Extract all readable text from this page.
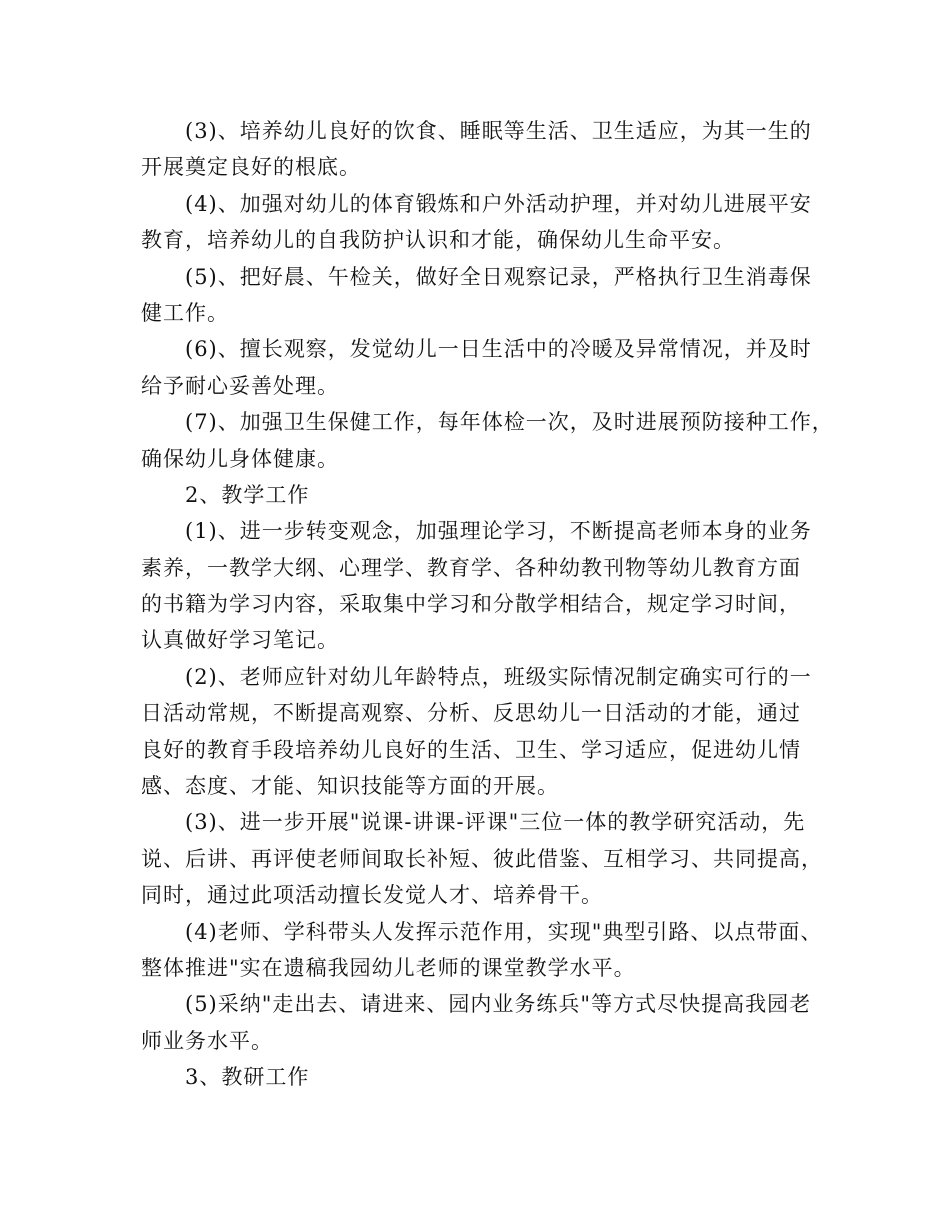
(3)、培养幼儿良好的饮食、睡眠等生活、卫生适应，为其一生的
开展奠定良好的根底。
(4)、加强对幼儿的体育锻炼和户外活动护理，并对幼儿进展平安
教育，培养幼儿的自我防护认识和才能，确保幼儿生命平安。
(5)、把好晨、午检关，做好全日观察记录，严格执行卫生消毒保
健工作。
(6)、擅长观察，发觉幼儿一日生活中的冷暖及异常情况，并及时
给予耐心妥善处理。
(7)、加强卫生保健工作，每年体检一次，及时进展预防接种工作，
确保幼儿身体健康。
2、教学工作
(1)、进一步转变观念，加强理论学习，不断提高老师本身的业务
素养，一教学大纲、心理学、教育学、各种幼教刊物等幼儿教育方面
的书籍为学习内容，采取集中学习和分散学相结合，规定学习时间，
认真做好学习笔记。
(2)、老师应针对幼儿年龄特点，班级实际情况制定确实可行的一
日活动常规，不断提高观察、分析、反思幼儿一日活动的才能，通过
良好的教育手段培养幼儿良好的生活、卫生、学习适应，促进幼儿情
感、态度、才能、知识技能等方面的开展。
(3)、进一步开展"说课-讲课-评课"三位一体的教学研究活动，先
说、后讲、再评使老师间取长补短、彼此借鉴、互相学习、共同提高，
同时，通过此项活动擅长发觉人才、培养骨干。
(4)老师、学科带头人发挥示范作用，实现"典型引路、以点带面、
整体推进"实在遗稿我园幼儿老师的课堂教学水平。
(5)采纳"走出去、请进来、园内业务练兵"等方式尽快提高我园老
师业务水平。
3、教研工作
